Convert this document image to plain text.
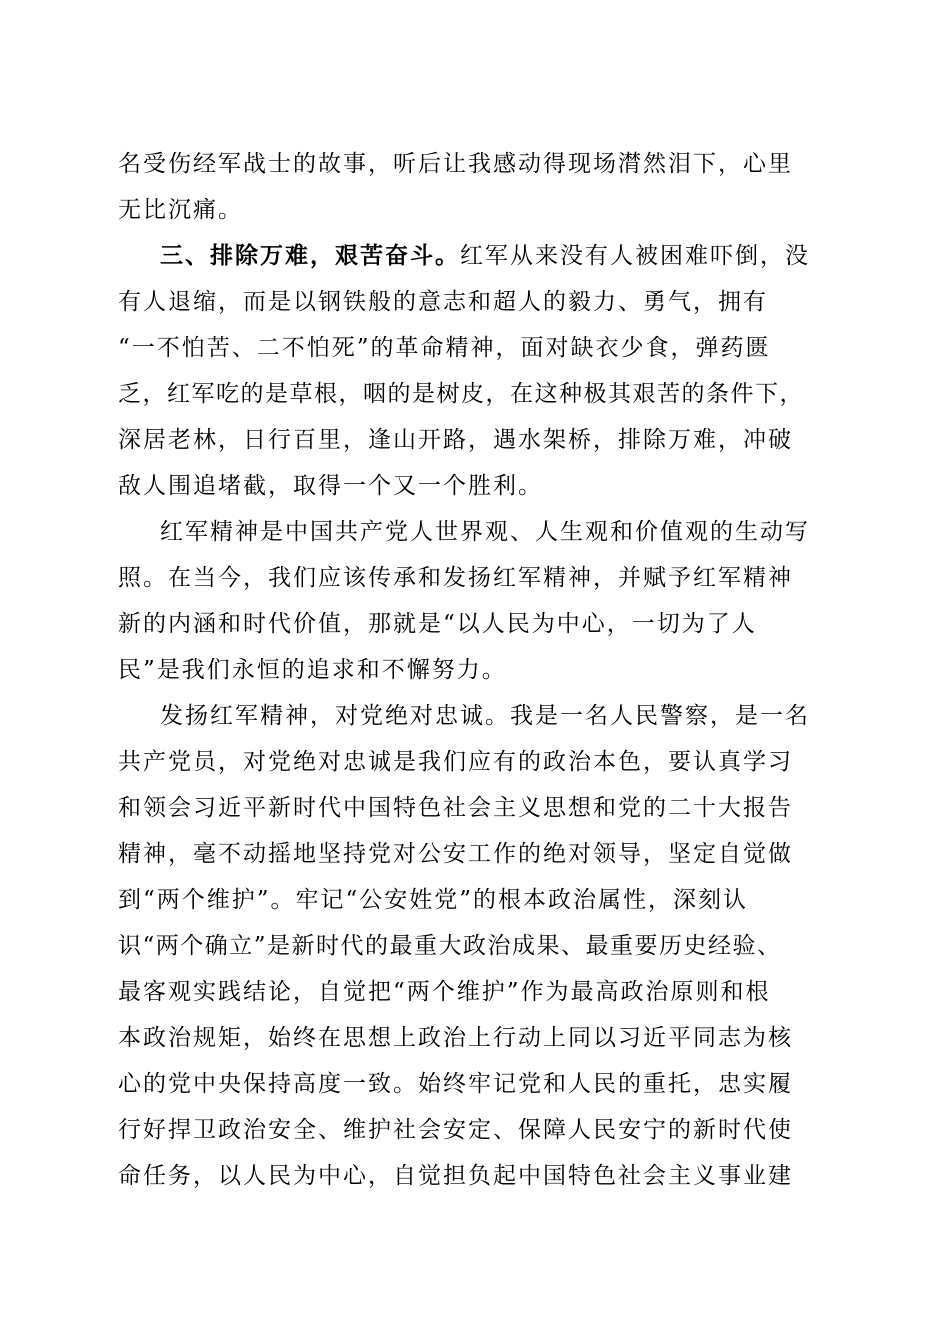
名受伤经军战士的故事，听后让我感动得现场潸然泪下，心里

无比沉痛。

三、排除万难，艰苦奋斗。红军从来没有人被困难吓倒，没

有人退缩，而是以钢铁般的意志和超人的毅力、勇气，拥有

“一不怕苦、二不怕死”的革命精神，面对缺衣少食，弹药匮

乏，红军吃的是草根，咽的是树皮，在这种极其艰苦的条件下，

深居老林，日行百里，逢山开路，遇水架桥，排除万难，冲破

敌人围追堵截，取得一个又一个胜利。

红军精神是中国共产党人世界观、人生观和价值观的生动写

照。在当今，我们应该传承和发扬红军精神，并赋予红军精神

新的内涵和时代价值，那就是“以人民为中心，一切为了人

民”是我们永恒的追求和不懈努力。

发扬红军精神，对党绝对忠诚。我是一名人民警察，是一名

共产党员，对党绝对忠诚是我们应有的政治本色，要认真学习

和领会习近平新时代中国特色社会主义思想和党的二十大报告

精神，毫不动摇地坚持党对公安工作的绝对领导，坚定自觉做

到“两个维护”。牢记“公安姓党”的根本政治属性，深刻认

识“两个确立”是新时代的最重大政治成果、最重要历史经验、

最客观实践结论，自觉把“两个维护”作为最高政治原则和根

本政治规矩，始终在思想上政治上行动上同以习近平同志为核

心的党中央保持高度一致。始终牢记党和人民的重托，忠实履

行好捍卫政治安全、维护社会安定、保障人民安宁的新时代使

命任务，以人民为中心，自觉担负起中国特色社会主义事业建
